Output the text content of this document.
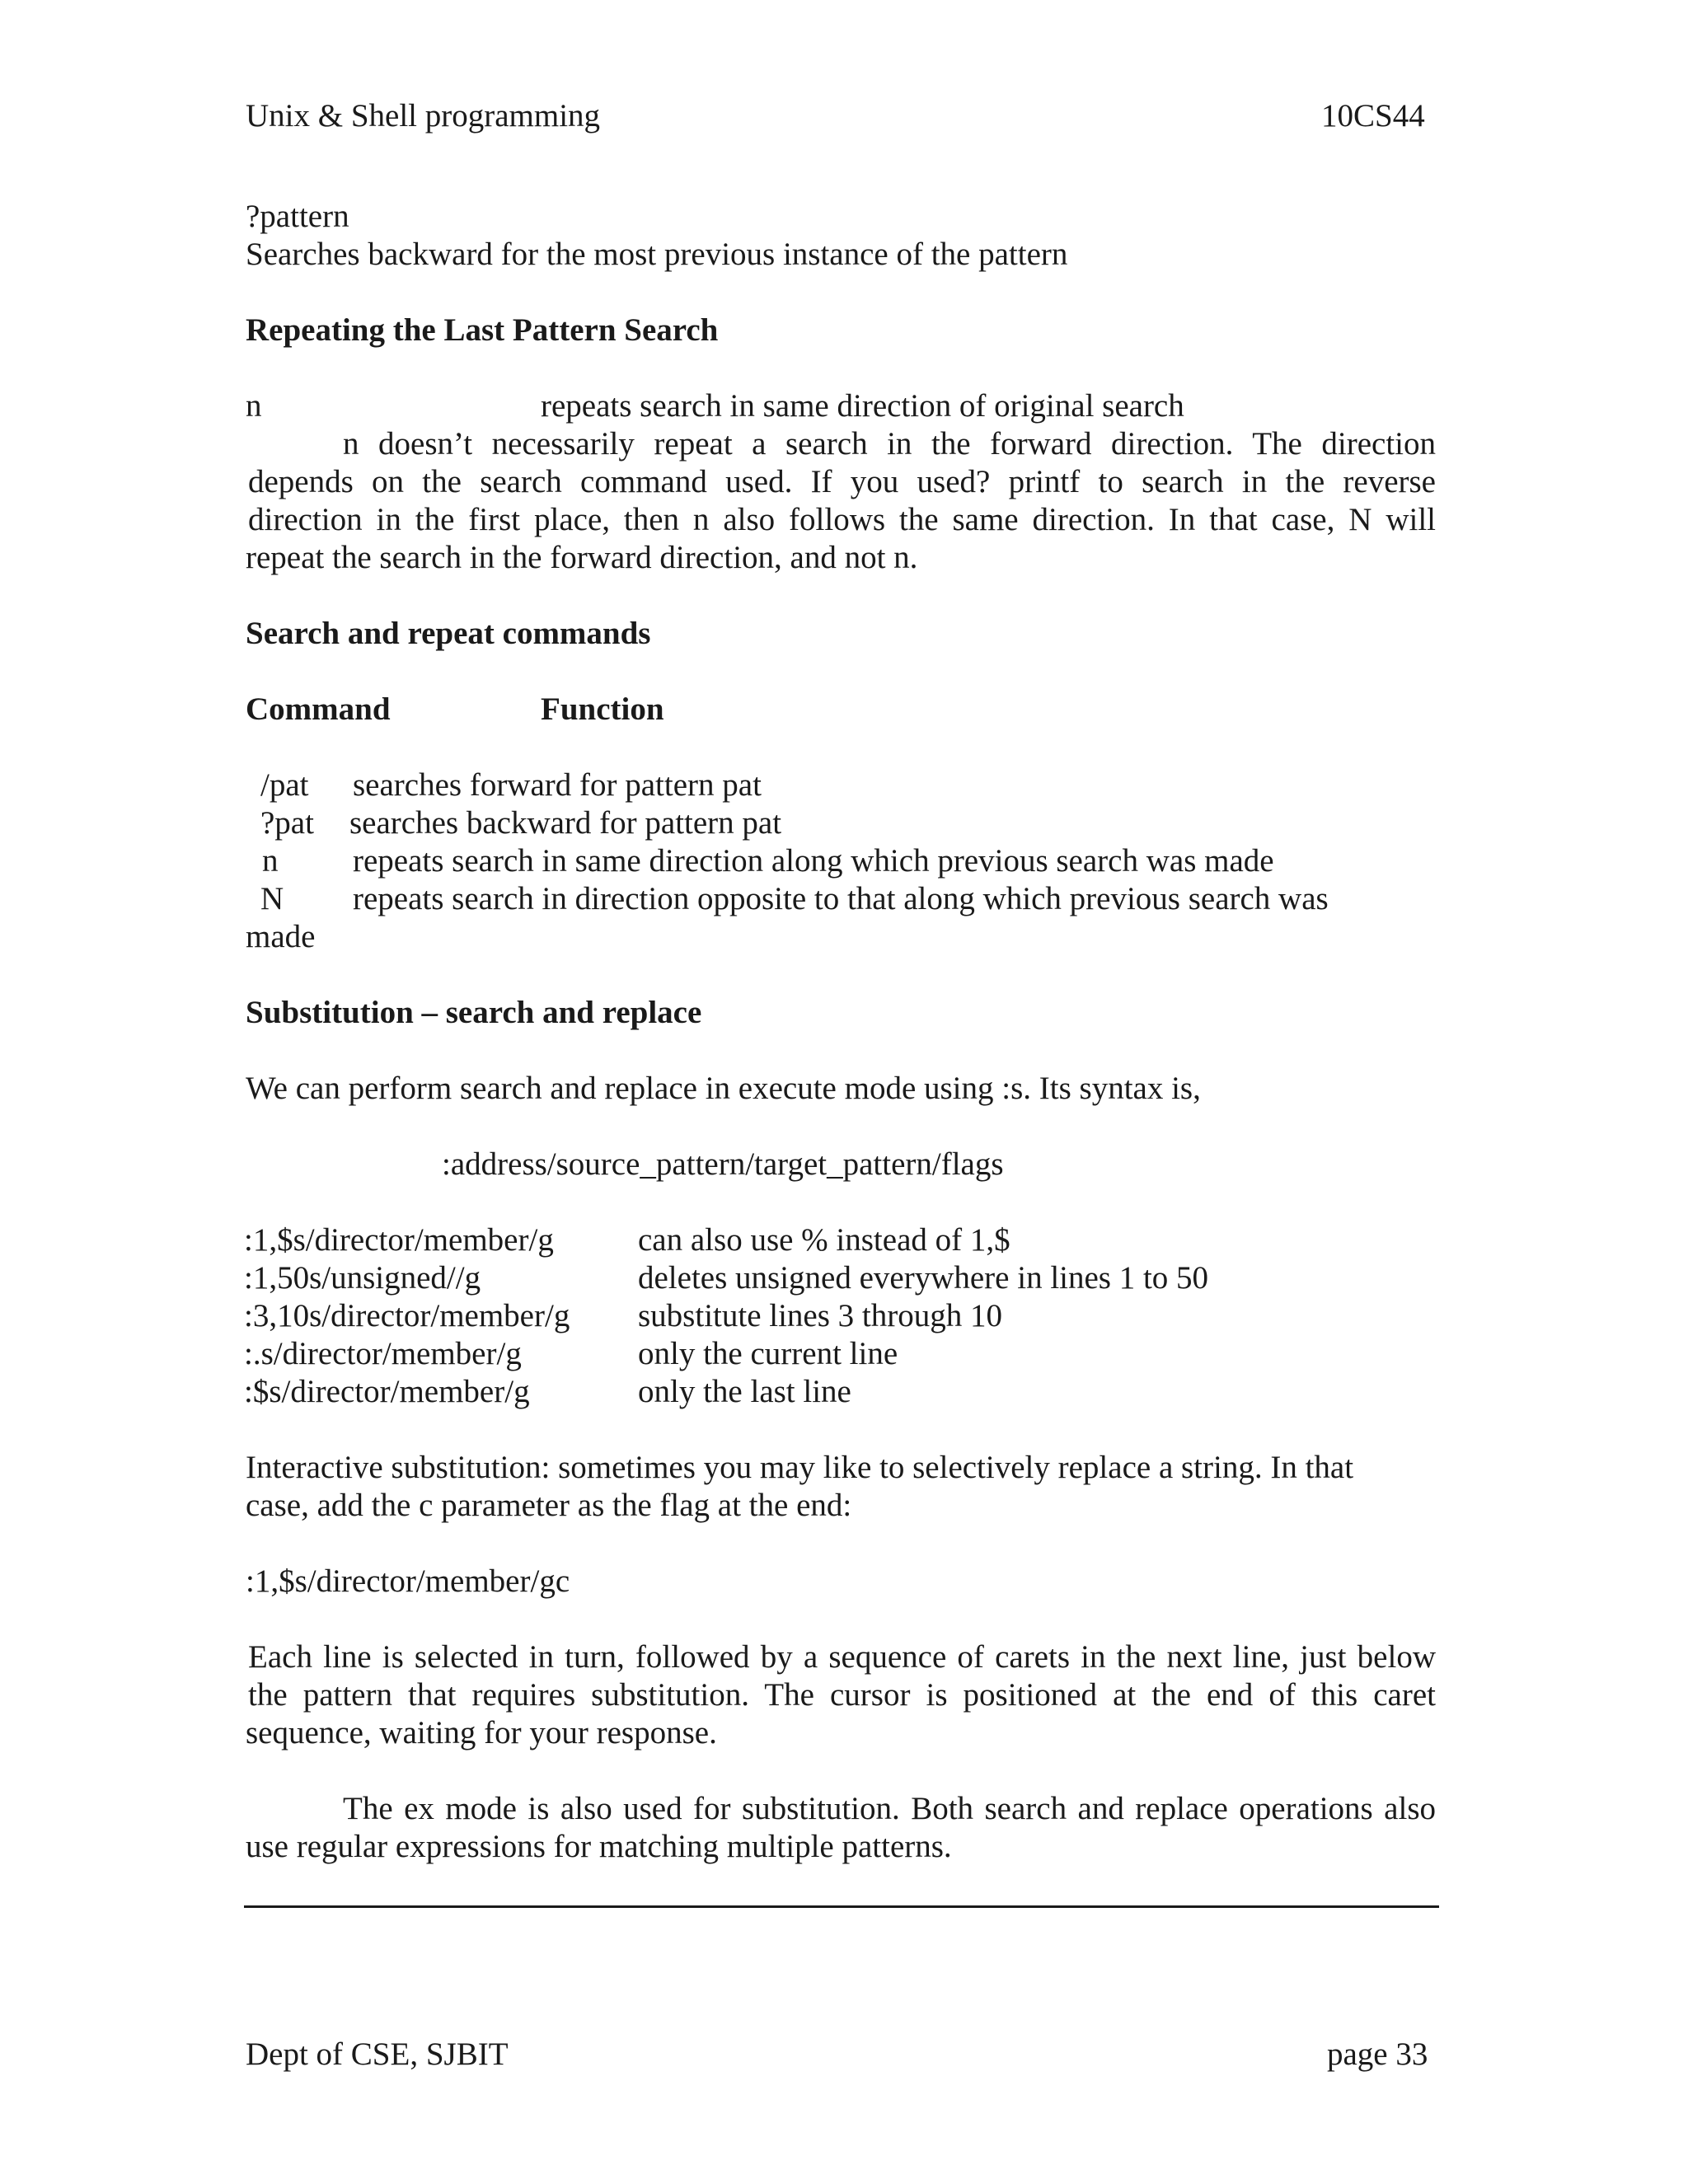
Unix & Shell programming	10CS44
?pattern
Searches backward for the most previous instance of the pattern
Repeating the Last Pattern Search
n	repeats search in same direction of original search
n doesn’t necessarily repeat a search in the forward direction. The direction
depends on the search command used. If you used? printf to search in the reverse
direction in the first place, then n also follows the same direction. In that case, N will
repeat the search in the forward direction, and not n.
Search and repeat commands
Command	Function
/pat searches forward for pattern pat
?pat searches backward for pattern pat
n repeats search in same direction along which previous search was made
N repeats search in direction opposite to that along which previous search was
made
Substitution – search and replace
We can perform search and replace in execute mode using :s. Its syntax is,
:address/source_pattern/target_pattern/flags
:1,$s/director/member/g	can also use % instead of 1,$
:1,50s/unsigned//g	deletes unsigned everywhere in lines 1 to 50
:3,10s/director/member/g substitute lines 3 through 10
:.s/director/member/g	only the current line
:$s/director/member/g	only the last line
Interactive substitution: sometimes you may like to selectively replace a string. In that
case, add the c parameter as the flag at the end:
:1,$s/director/member/gc
Each line is selected in turn, followed by a sequence of carets in the next line, just below
the pattern that requires substitution. The cursor is positioned at the end of this caret
sequence, waiting for your response.
The ex mode is also used for substitution. Both search and replace operations also
use regular expressions for matching multiple patterns.
Dept of CSE, SJBIT	page 33
